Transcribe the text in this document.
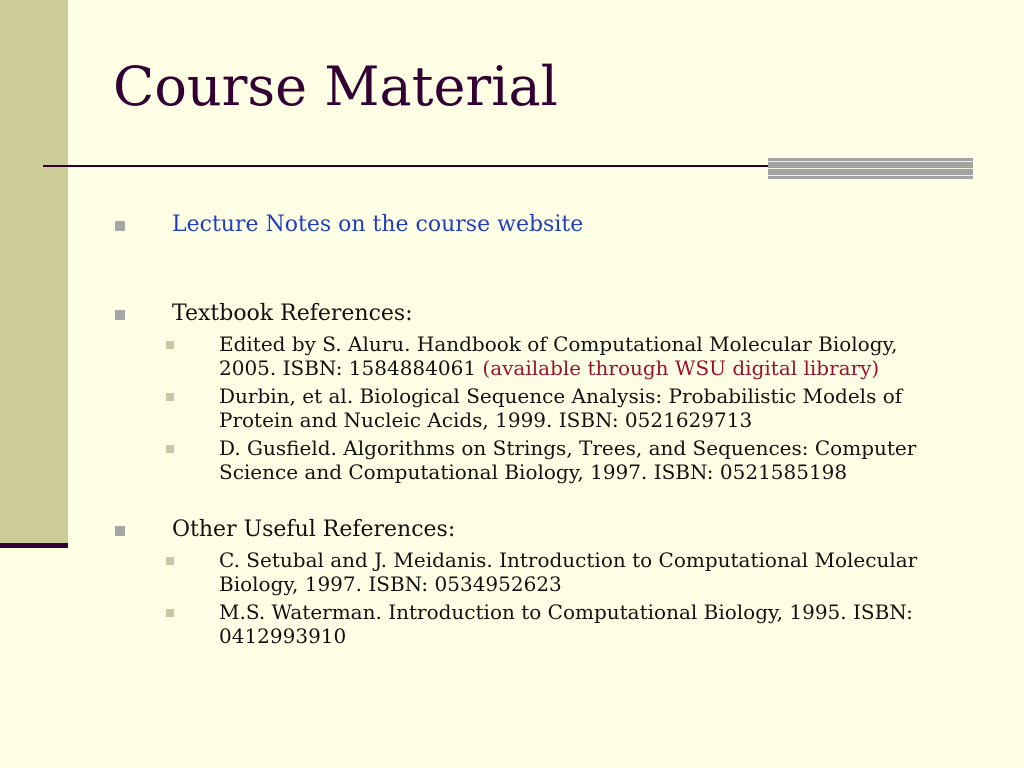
Course Material
Lecture Notes on the course website
Textbook References:
Edited by S. Aluru. Handbook of Computational Molecular Biology,
2005. ISBN: 1584884061 (available through WSU digital library)
Durbin, et al. Biological Sequence Analysis: Probabilistic Models of
Protein and Nucleic Acids, 1999. ISBN: 0521629713
D. Gusfield. Algorithms on Strings, Trees, and Sequences: Computer
Science and Computational Biology, 1997. ISBN: 0521585198
Other Useful References:
C. Setubal and J. Meidanis. Introduction to Computational Molecular
Biology, 1997. ISBN: 0534952623
M.S. Waterman. Introduction to Computational Biology, 1995. ISBN:
0412993910
